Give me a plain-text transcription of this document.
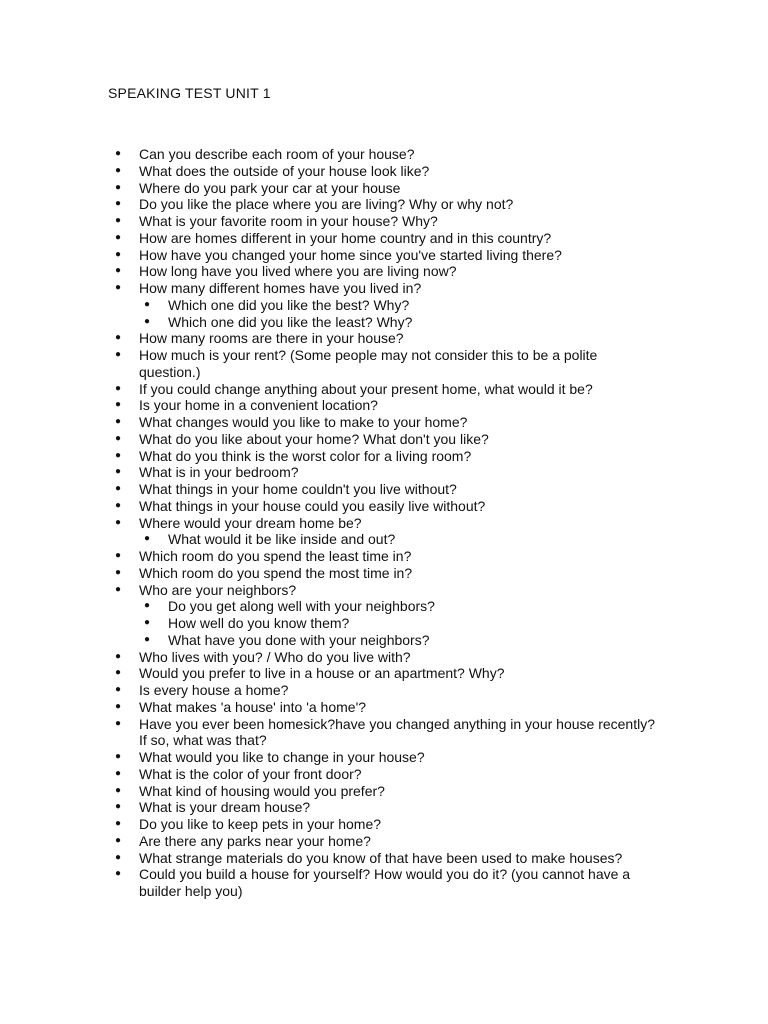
SPEAKING TEST UNIT 1
●	Can you describe each room of your house?
●	What does the outside of your house look like?
●	Where do you park your car at your house
●	Do you like the place where you are living? Why or why not?
●	What is your favorite room in your house? Why?
●	How are homes different in your home country and in this country?
●	How have you changed your home since you've started living there?
●	How long have you lived where you are living now?
●	How many different homes have you lived in?
●	Which one did you like the best? Why?
●	Which one did you like the least? Why?
●	How many rooms are there in your house?
●	How much is your rent? (Some people may not consider this to be a polite question.)
●	If you could change anything about your present home, what would it be?
●	Is your home in a convenient location?
●	What changes would you like to make to your home?
●	What do you like about your home? What don't you like?
●	What do you think is the worst color for a living room?
●	What is in your bedroom?
●	What things in your home couldn't you live without?
●	What things in your house could you easily live without?
●	Where would your dream home be?
●	What would it be like inside and out?
●	Which room do you spend the least time in?
●	Which room do you spend the most time in?
●	Who are your neighbors?
●	Do you get along well with your neighbors?
●	How well do you know them?
●	What have you done with your neighbors?
●	Who lives with you? / Who do you live with?
●	Would you prefer to live in a house or an apartment? Why?
●	Is every house a home?
●	What makes 'a house' into 'a home'?
●	Have you ever been homesick?have you changed anything in your house recently? If so, what was that?
●	What would you like to change in your house?
●	What is the color of your front door?
●	What kind of housing would you prefer?
●	What is your dream house?
●	Do you like to keep pets in your home?
●	Are there any parks near your home?
●	What strange materials do you know of that have been used to make houses?
●	Could you build a house for yourself? How would you do it? (you cannot have a builder help you)
